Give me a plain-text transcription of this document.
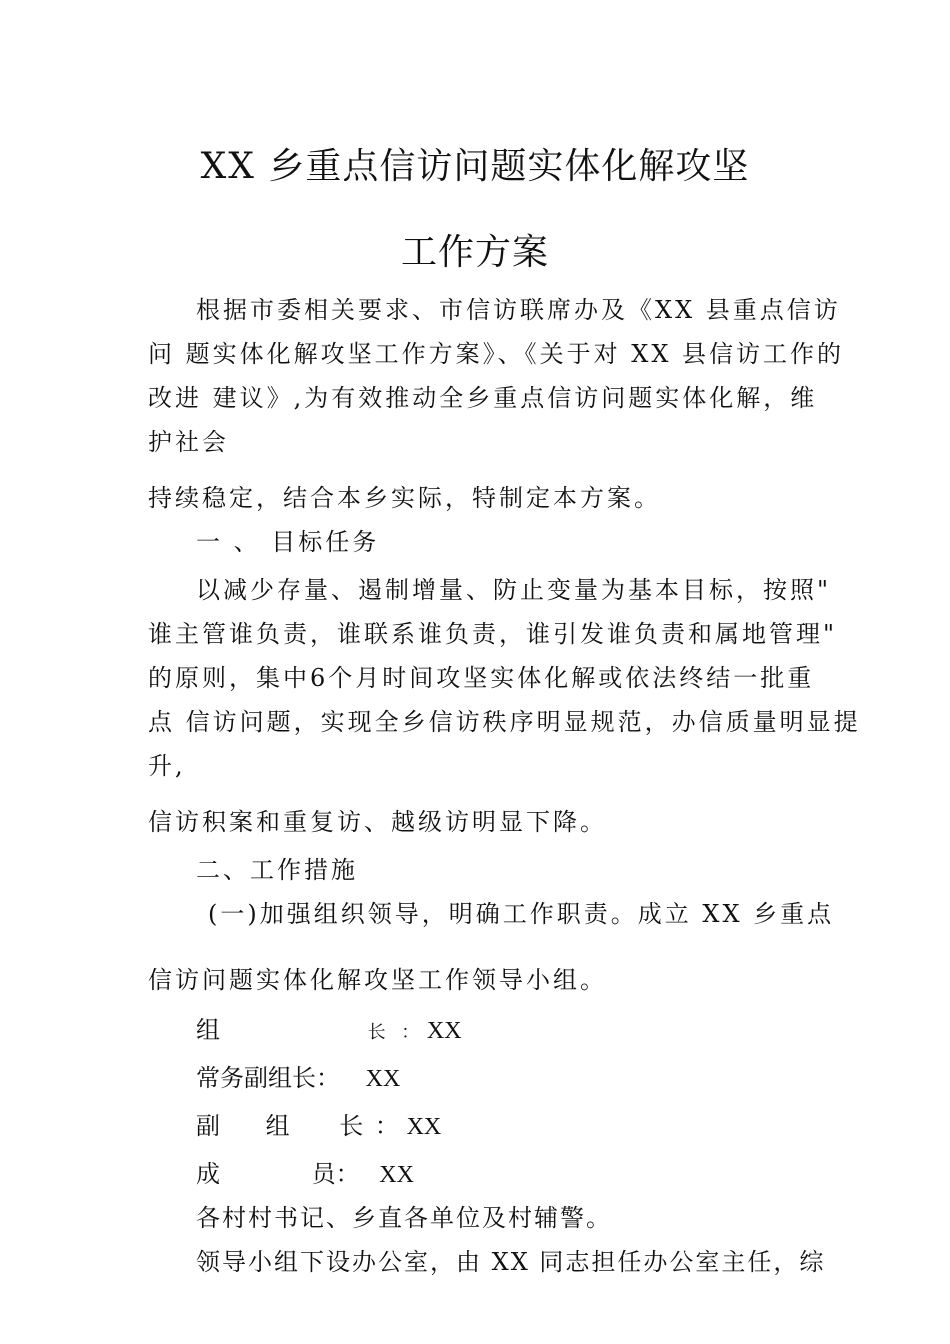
XX 乡重点信访问题实体化解攻坚
工作方案
根据市委相关要求、市信访联席办及《XX 县重点信访
问 题实体化解攻坚工作方案》、《关于对 XX 县信访工作的
改进 建议》,为有效推动全乡重点信访问题实体化解，维
护社会
持续稳定，结合本乡实际，特制定本方案。
一 、 目标任务
以减少存量、遏制增量、防止变量为基本目标，按照"
谁主管谁负责，谁联系谁负责，谁引发谁负责和属地管理"
的原则，集中6个月时间攻坚实体化解或依法终结一批重
点 信访问题，实现全乡信访秩序明显规范，办信质量明显提
升,
信访积案和重复访、越级访明显下降。
二、工作措施
(一)加强组织领导，明确工作职责。成立 XX 乡重点
信访问题实体化解攻坚工作领导小组。
组	长 ： XX
常务副组长： XX
副 组 长 ： XX
成	员： XX
各村村书记、乡直各单位及村辅警。
领导小组下设办公室，由 XX 同志担任办公室主任，综
